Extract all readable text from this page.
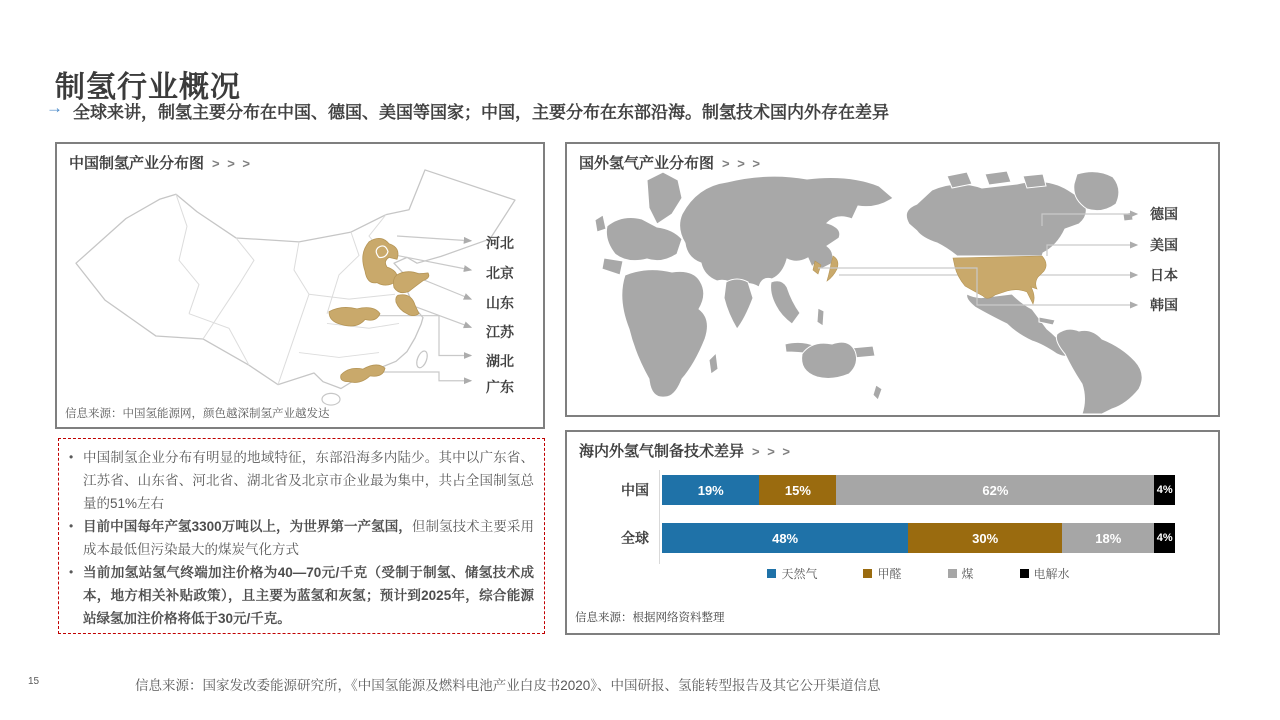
制氢行业概况
→ 全球来讲，制氢主要分布在中国、德国、美国等国家；中国，主要分布在东部沿海。制氢技术国内外存在差异
中国制氢产业分布图 > > >
河北
北京
山东
江苏
湖北
广东
信息来源：中国氢能源网，颜色越深制氢产业越发达
• 中国制氢企业分布有明显的地域特征，东部沿海多内陆少。其中以广东省、江苏省、山东省、河北省、湖北省及北京市企业最为集中，共占全国制氢总量的51%左右
• 目前中国每年产氢3300万吨以上，为世界第一产氢国，但制氢技术主要采用成本最低但污染最大的煤炭气化方式
• 当前加氢站氢气终端加注价格为40—70元/千克（受制于制氢、储氢技术成本，地方相关补贴政策），且主要为蓝氢和灰氢；预计到2025年，综合能源站绿氢加注价格将低于30元/千克。
国外氢气产业分布图 > > >
德国
美国
日本
韩国
海内外氢气制备技术差异 > > >
中国	19%	15%	62%	4%
全球	48%	30%	18%	4%
天然气	甲醛	煤	电解水
信息来源：根据网络资料整理
15	信息来源：国家发改委能源研究所，《中国氢能源及燃料电池产业白皮书2020》、中国研报、氢能转型报告及其它公开渠道信息
